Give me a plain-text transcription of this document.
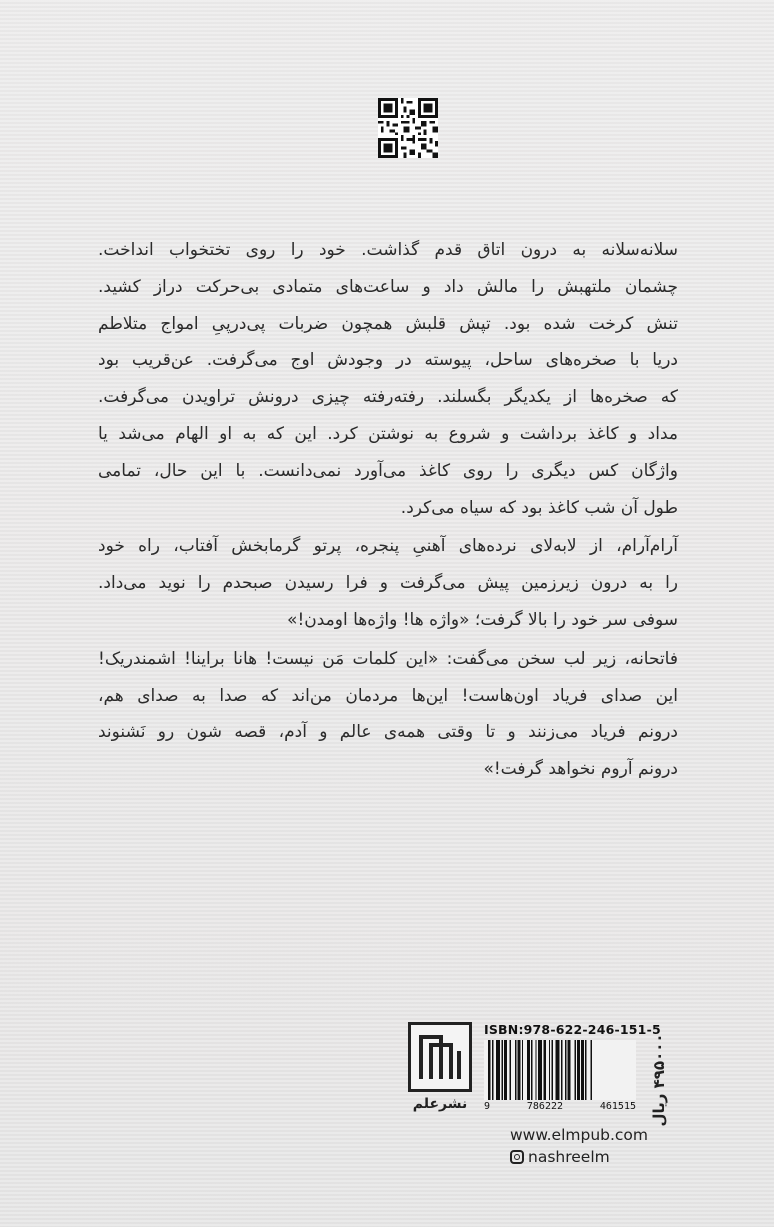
سلانه‌سلانه به درون اتاق قدم گذاشت. خود را روی تختخواب انداخت.
چشمان ملتهبش را مالش داد و ساعت‌های متمادی بی‌حرکت دراز کشید.
تنش کرخت شده بود. تپش قلبش همچون ضربات پی‌درپیِ امواج متلاطم
دریا با صخره‌های ساحل، پیوسته در وجودش اوج می‌گرفت. عن‌قریب بود
که صخره‌ها از یکدیگر بگسلند. رفته‌رفته چیزی درونش تراویدن می‌گرفت.
مداد و کاغذ برداشت و شروع به نوشتن کرد. این که به او الهام می‌شد یا
واژگان کس دیگری را روی کاغذ می‌آورد نمی‌دانست. با این حال، تمامی
طول آن شب کاغذ بود که سیاه می‌کرد.
آرام‌آرام، از لابه‌لای نرده‌های آهنیِ پنجره، پرتو گرمابخش آفتاب، راه خود
را به درون زیرزمین پیش می‌گرفت و فرا رسیدن صبحدم را نوید می‌داد.
سوفی سر خود را بالا گرفت؛ «واژه ها! واژه‌ها اومدن!»
فاتحانه، زیر لب سخن می‌گفت: «این کلمات مَن نیست! هانا براینا! اشمندریک!
این صدای فریاد اون‌هاست! این‌ها مردمان من‌اند که صدا به صدای هم،
درونم فریاد می‌زنند و تا وقتی همه‌ی عالم و آدم، قصه شون رو نَشنوند
درونم آروم نخواهد گرفت!»
نشرعلم
ISBN:978-622-246-151-5
9	786222	461515 ۴۹۵۰۰۰ ریال
www.elmpub.com
nashreelm
